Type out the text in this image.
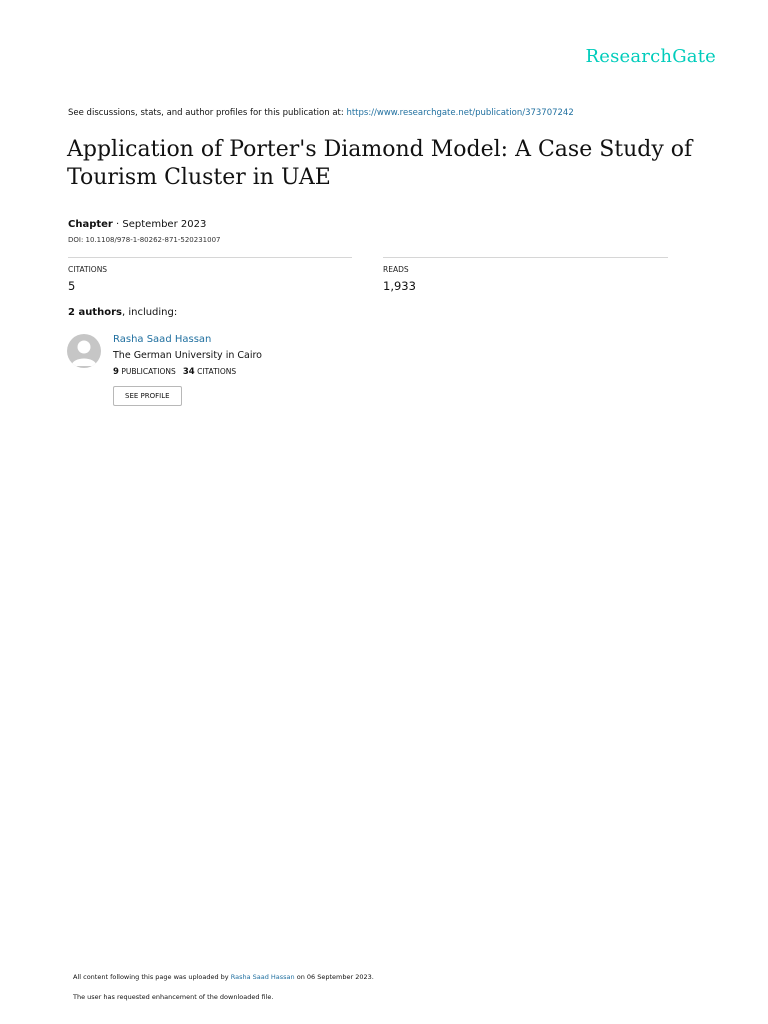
ResearchGate
See discussions, stats, and author profiles for this publication at: https://www.researchgate.net/publication/373707242
Application of Porter's Diamond Model: A Case Study of Tourism Cluster in UAE
Chapter · September 2023
DOI: 10.1108/978-1-80262-871-520231007
CITATIONS
5
READS
1,933
2 authors, including:
Rasha Saad Hassan
The German University in Cairo
9 PUBLICATIONS 34 CITATIONS
SEE PROFILE
All content following this page was uploaded by Rasha Saad Hassan on 06 September 2023.
The user has requested enhancement of the downloaded file.
